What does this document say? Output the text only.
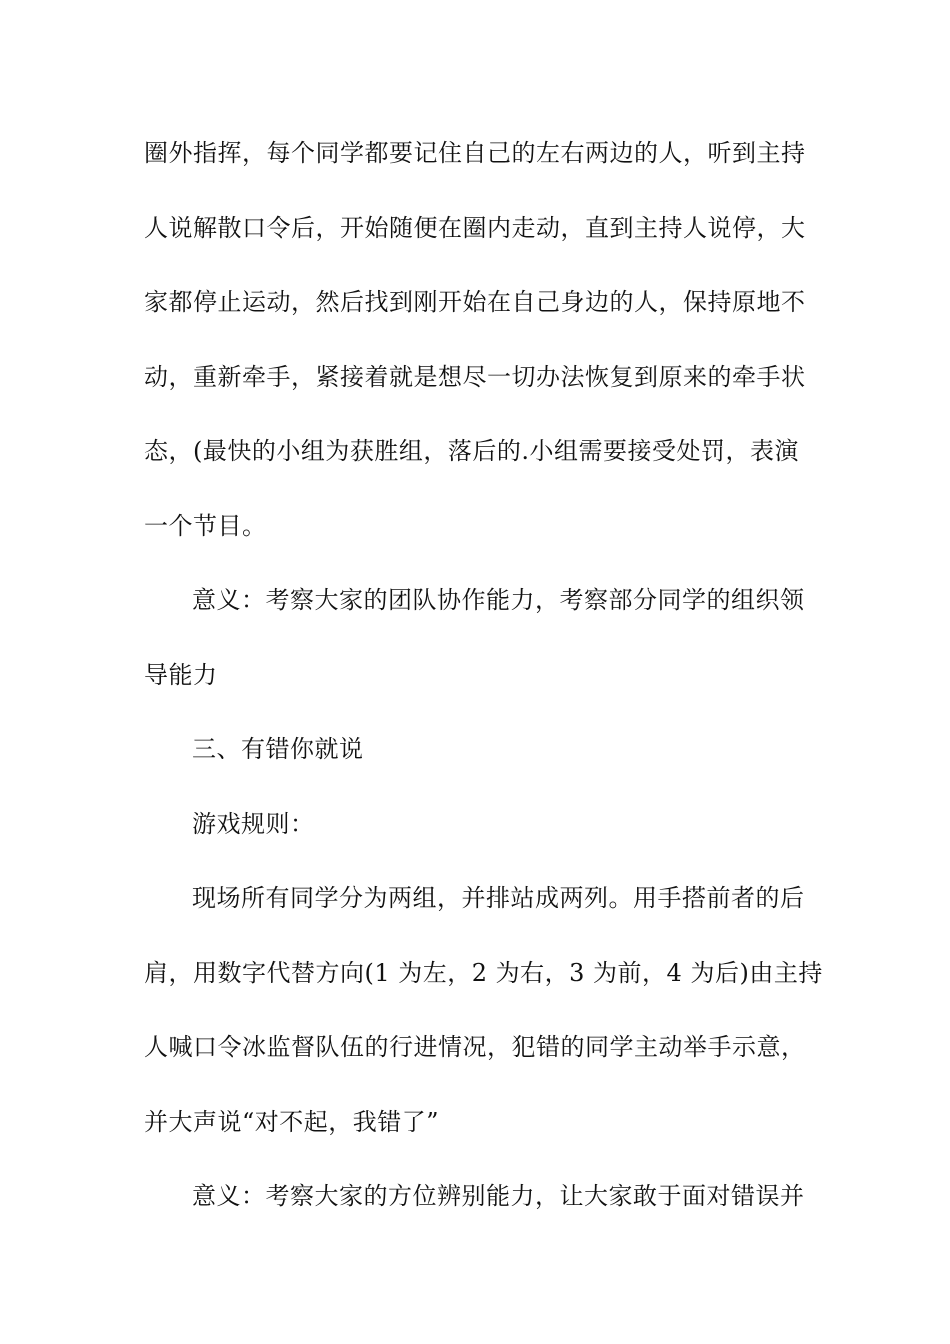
圈外指挥，每个同学都要记住自己的左右两边的人，听到主持
人说解散口令后，开始随便在圈内走动，直到主持人说停，大
家都停止运动，然后找到刚开始在自己身边的人，保持原地不
动，重新牵手，紧接着就是想尽一切办法恢复到原来的牵手状
态，(最快的小组为获胜组，落后的.小组需要接受处罚，表演
一个节目。
意义：考察大家的团队协作能力，考察部分同学的组织领
导能力
三、有错你就说
游戏规则：
现场所有同学分为两组，并排站成两列。用手搭前者的后
肩，用数字代替方向(1 为左，2 为右，3 为前，4 为后)由主持
人喊口令冰监督队伍的行进情况，犯错的同学主动举手示意，
并大声说“对不起，我错了”
意义：考察大家的方位辨别能力，让大家敢于面对错误并
